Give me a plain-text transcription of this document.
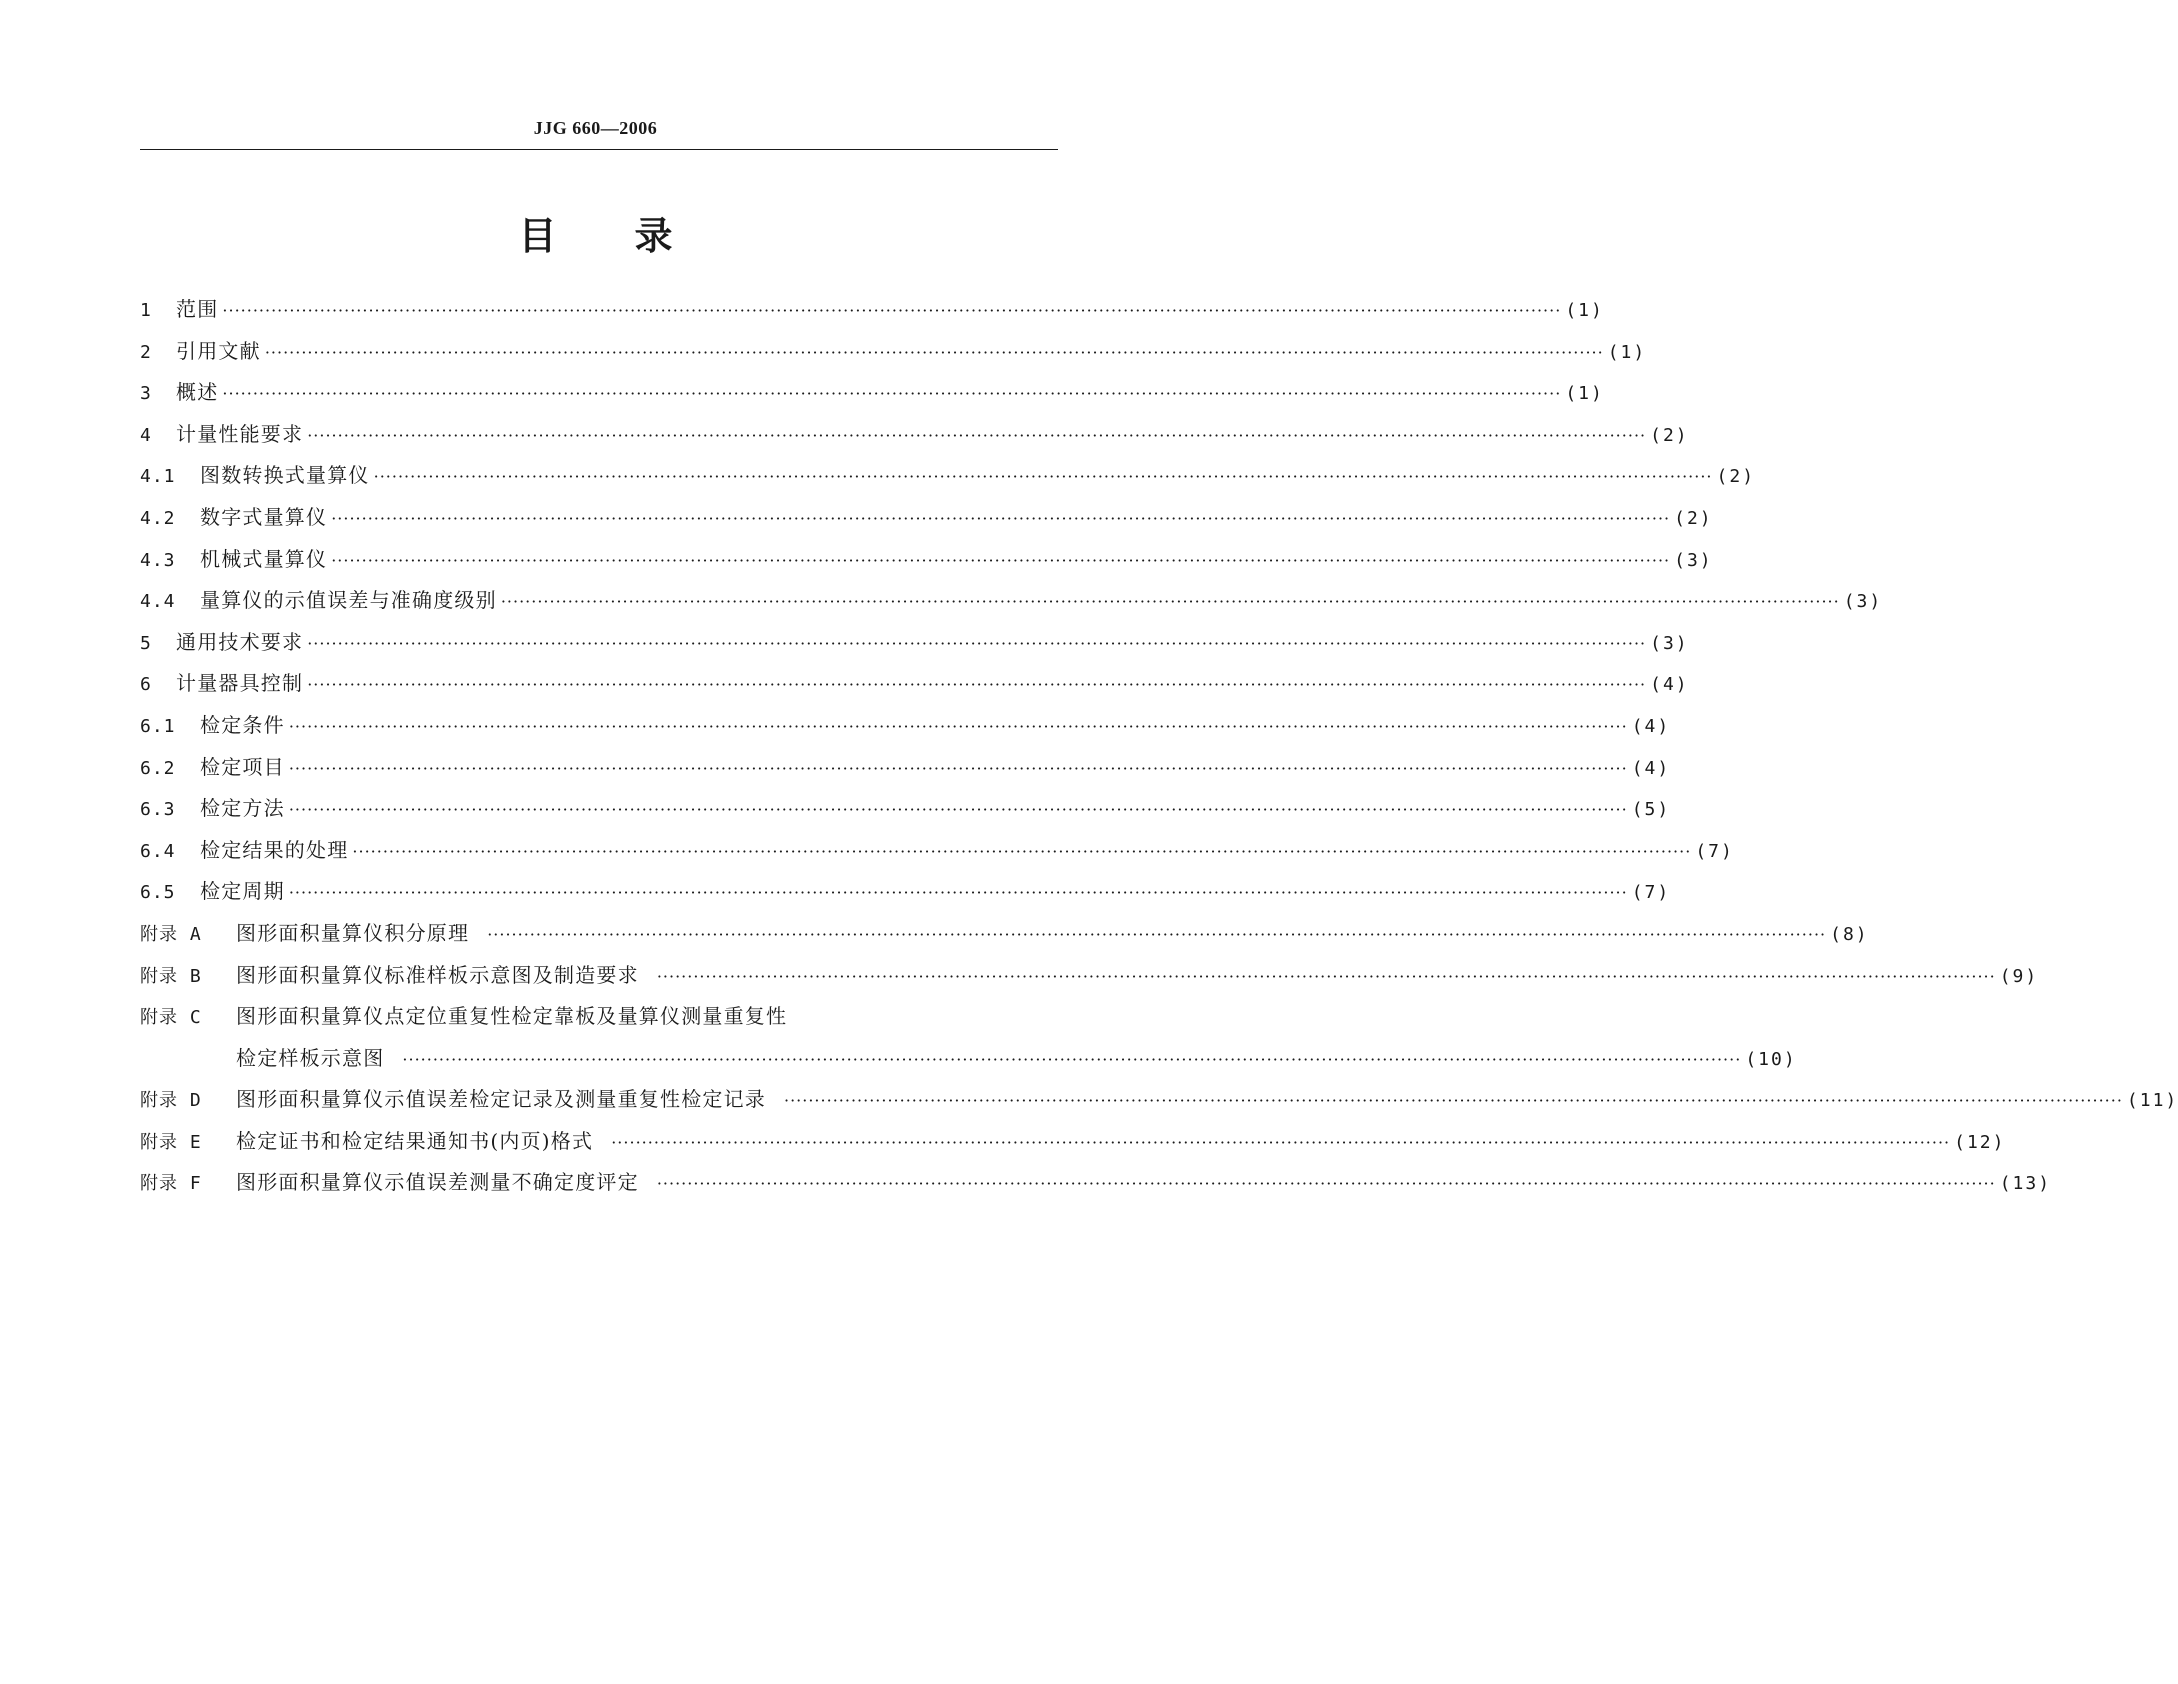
JJG 660—2006
目录
1	范围 ···························································································································································································································· (1)
2	引用文献 ···························································································································································································································· (1)
3	概述 ···························································································································································································································· (1)
4	计量性能要求 ···························································································································································································································· (2)
4.1	图数转换式量算仪 ···························································································································································································································· (2)
4.2	数字式量算仪 ···························································································································································································································· (2)
4.3	机械式量算仪 ···························································································································································································································· (3)
4.4	量算仪的示值误差与准确度级别 ···························································································································································································································· (3)
5	通用技术要求 ···························································································································································································································· (3)
6	计量器具控制 ···························································································································································································································· (4)
6.1	检定条件 ···························································································································································································································· (4)
6.2	检定项目 ···························································································································································································································· (4)
6.3	检定方法 ···························································································································································································································· (5)
6.4	检定结果的处理 ···························································································································································································································· (7)
6.5	检定周期 ···························································································································································································································· (7)
附录 A	图形面积量算仪积分原理	···························································································································································································································· (8)
附录 B	图形面积量算仪标准样板示意图及制造要求	···························································································································································································································· (9)
附录 C	图形面积量算仪点定位重复性检定靠板及量算仪测量重复性
检定样板示意图	···························································································································································································································· (10)
附录 D	图形面积量算仪示值误差检定记录及测量重复性检定记录	···························································································································································································································· (11)
附录 E	检定证书和检定结果通知书(内页)格式	···························································································································································································································· (12)
附录 F	图形面积量算仪示值误差测量不确定度评定	···························································································································································································································· (13)
